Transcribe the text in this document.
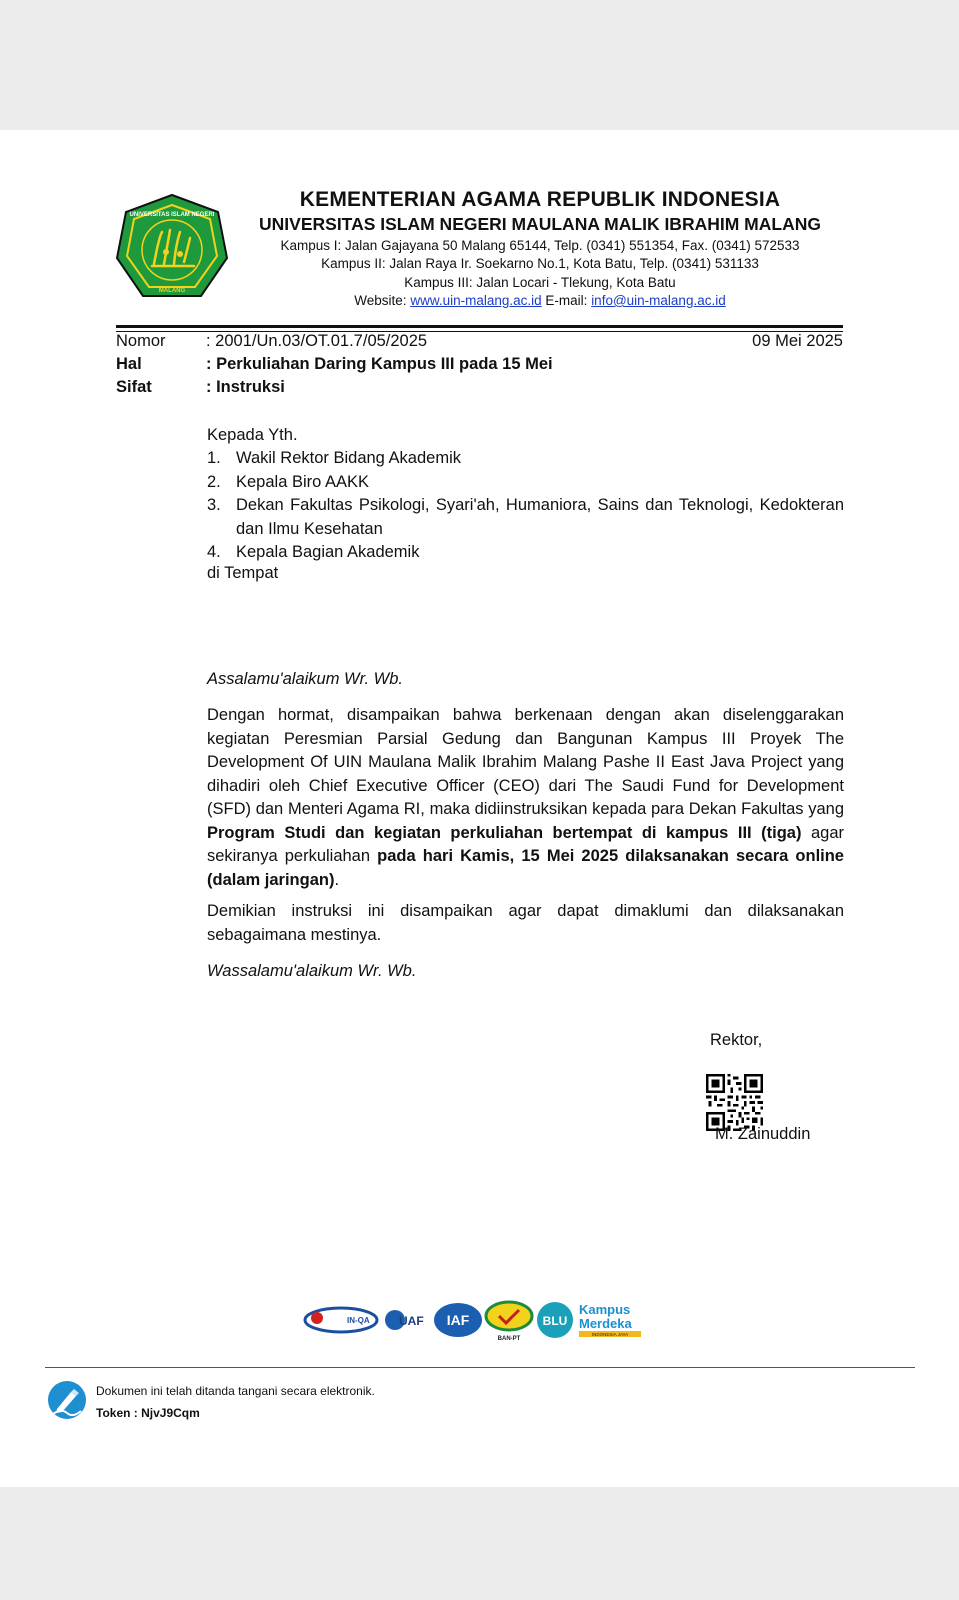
MALANG
UNIVERSITAS ISLAM NEGERI
KEMENTERIAN AGAMA REPUBLIK INDONESIA
UNIVERSITAS ISLAM NEGERI MAULANA MALIK IBRAHIM MALANG
Kampus I: Jalan Gajayana 50 Malang 65144, Telp. (0341) 551354, Fax. (0341) 572533
Kampus II: Jalan Raya Ir. Soekarno No.1, Kota Batu, Telp. (0341) 531133
Kampus III: Jalan Locari - Tlekung, Kota Batu
Website: www.uin-malang.ac.id E-mail: info@uin-malang.ac.id
Nomor : 2001/Un.03/OT.01.7/05/2025	09 Mei 2025
Hal	: Perkuliahan Daring Kampus III pada 15 Mei
Sifat	: Instruksi
Kepada Yth.
1. Wakil Rektor Bidang Akademik
2. Kepala Biro AAKK
3. Dekan Fakultas Psikologi, Syari'ah, Humaniora, Sains dan Teknologi, Kedokteran dan Ilmu Kesehatan
4. Kepala Bagian Akademik
di Tempat
Assalamu'alaikum Wr. Wb.
Dengan hormat, disampaikan bahwa berkenaan dengan akan diselenggarakan kegiatan Peresmian Parsial Gedung dan Bangunan Kampus III Proyek The Development Of UIN Maulana Malik Ibrahim Malang Pashe II East Java Project yang dihadiri oleh Chief Executive Officer (CEO) dari The Saudi Fund for Development (SFD) dan Menteri Agama RI, maka didiinstruksikan kepada para Dekan Fakultas yang Program Studi dan kegiatan perkuliahan bertempat di kampus III (tiga) agar sekiranya perkuliahan pada hari Kamis, 15 Mei 2025 dilaksanakan secara online (dalam jaringan).
Demikian instruksi ini disampaikan agar dapat dimaklumi dan dilaksanakan sebagaimana mestinya.
Wassalamu'alaikum Wr. Wb.
Rektor,
M. Zainuddin
IN-QA UAF IAF
BAN-PT
BLU
Kampus
Merdeka
INDONESIA JAYA
Dokumen ini telah ditanda tangani secara elektronik.
Token : NjvJ9Cqm
